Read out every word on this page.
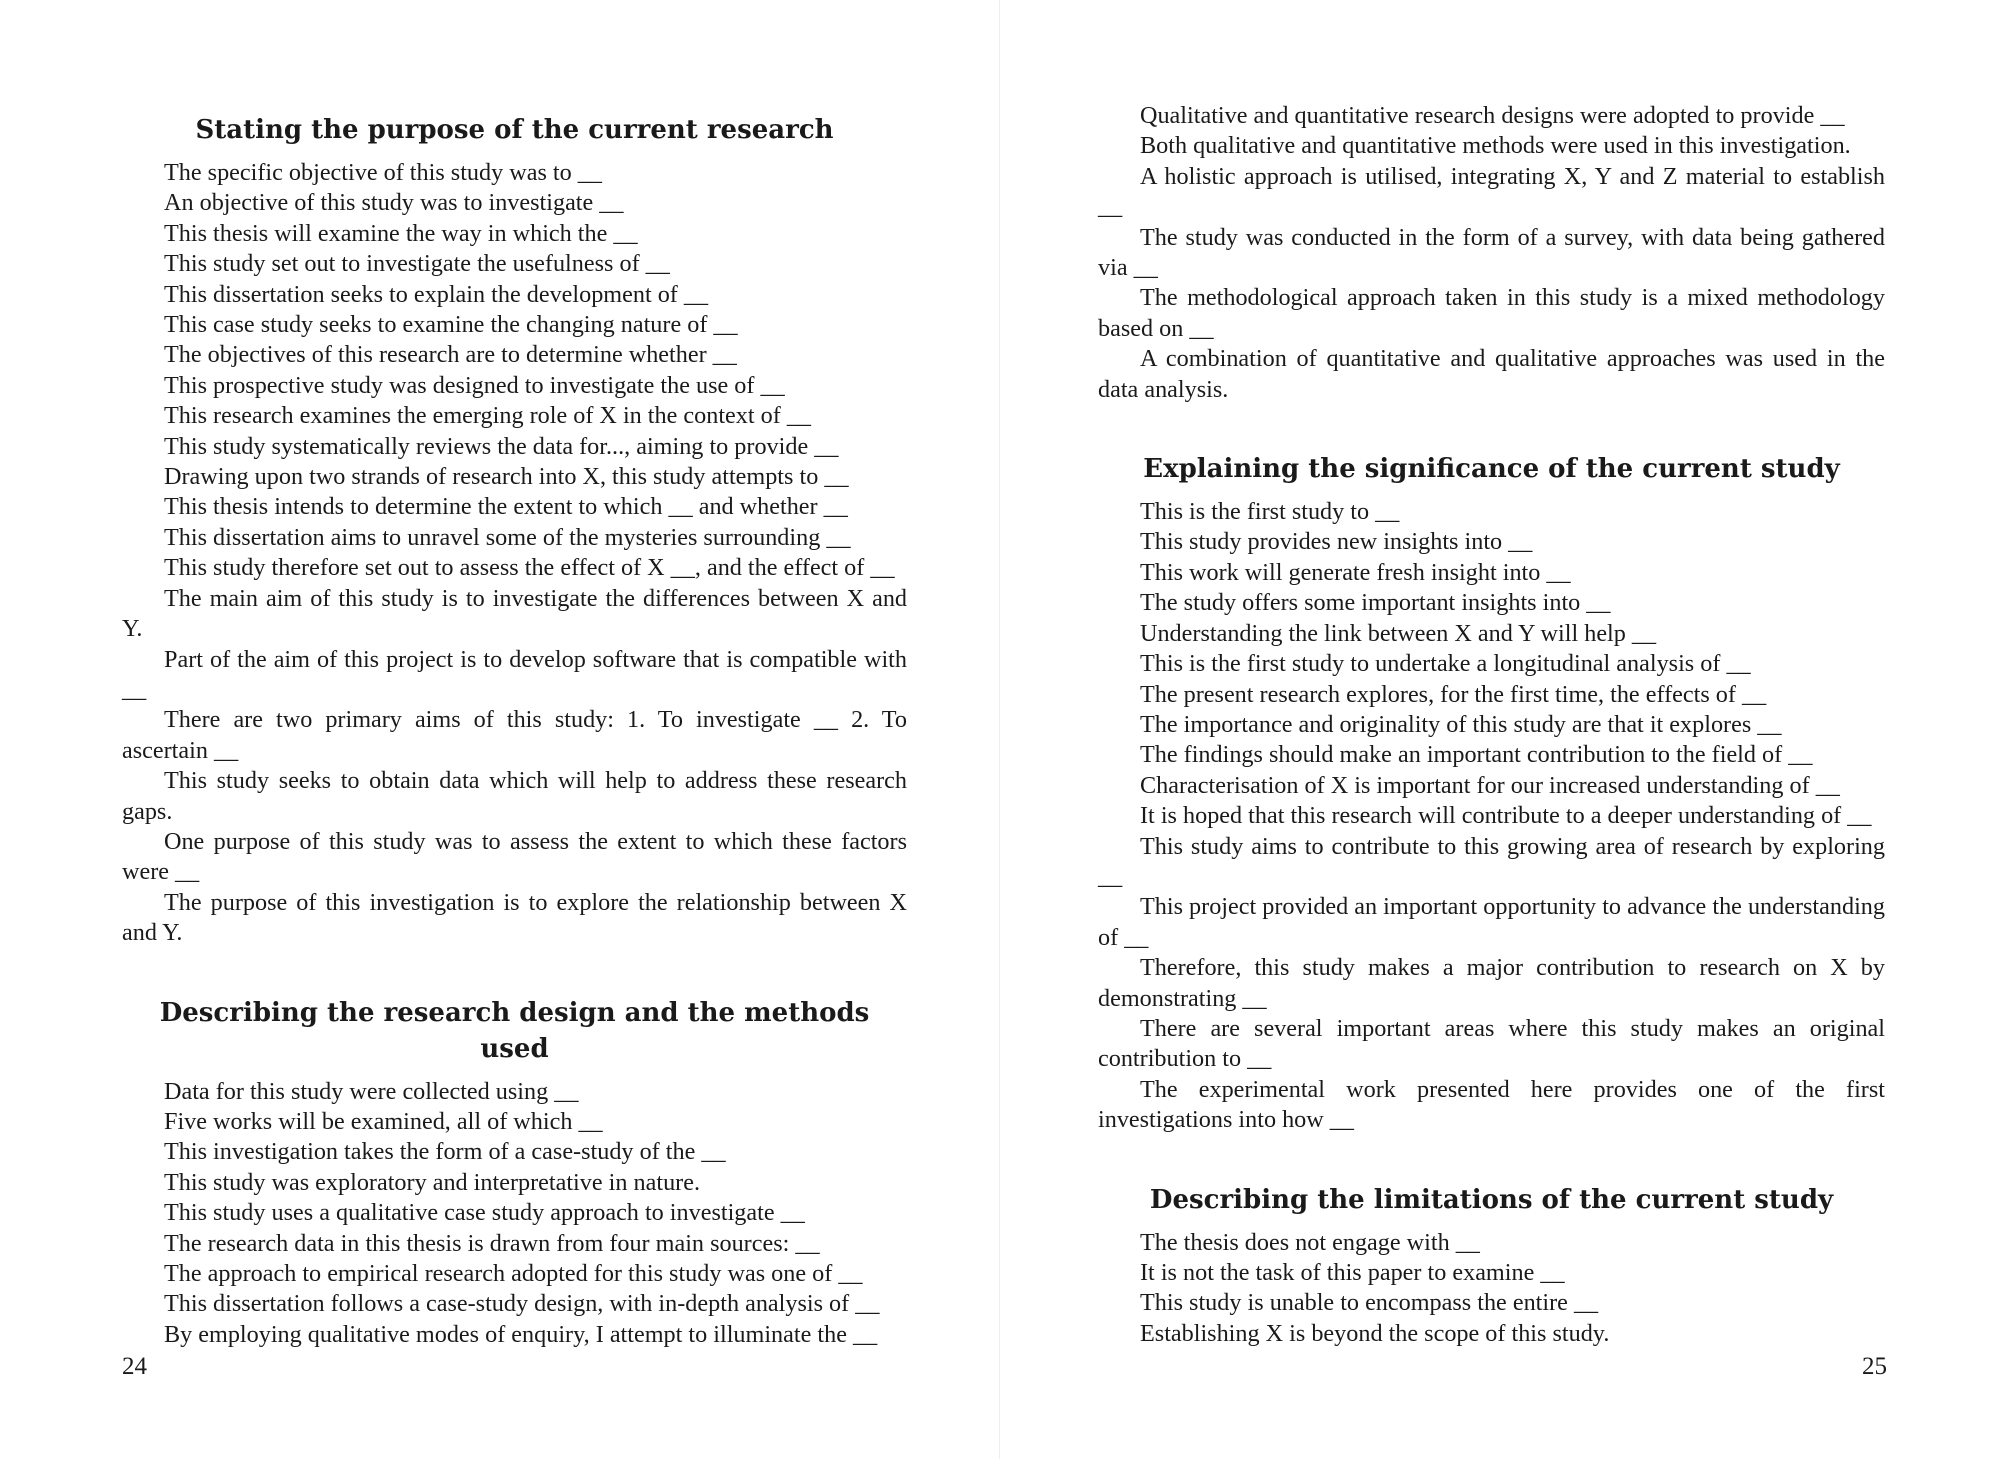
Stating the purpose of the current research

The specific objective of this study was to __

An objective of this study was to investigate __

This thesis will examine the way in which the __

This study set out to investigate the usefulness of __

This dissertation seeks to explain the development of __

This case study seeks to examine the changing nature of __

The objectives of this research are to determine whether __

This prospective study was designed to investigate the use of __

This research examines the emerging role of X in the context of __

This study systematically reviews the data for..., aiming to provide __

Drawing upon two strands of research into X, this study attempts to __

This thesis intends to determine the extent to which __ and whether __

This dissertation aims to unravel some of the mysteries surrounding __

This study therefore set out to assess the effect of X __, and the effect of __

The main aim of this study is to investigate the differences between X and Y.

Part of the aim of this project is to develop software that is compatible with __

There are two primary aims of this study: 1. To investigate __ 2. To ascertain __

This study seeks to obtain data which will help to address these research gaps.

One purpose of this study was to assess the extent to which these factors were __

The purpose of this investigation is to explore the relationship between X and Y.

Describing the research design and the methods used

Data for this study were collected using __

Five works will be examined, all of which __

This investigation takes the form of a case-study of the __

This study was exploratory and interpretative in nature.

This study uses a qualitative case study approach to investigate __

The research data in this thesis is drawn from four main sources: __

The approach to empirical research adopted for this study was one of __

This dissertation follows a case-study design, with in-depth analysis of __

By employing qualitative modes of enquiry, I attempt to illuminate the __

24

Qualitative and quantitative research designs were adopted to provide __

Both qualitative and quantitative methods were used in this investigation.

A holistic approach is utilised, integrating X, Y and Z material to establish __

The study was conducted in the form of a survey, with data being gathered via __

The methodological approach taken in this study is a mixed methodology based on __

A combination of quantitative and qualitative approaches was used in the data analysis.

Explaining the significance of the current study

This is the first study to __

This study provides new insights into __

This work will generate fresh insight into __

The study offers some important insights into __

Understanding the link between X and Y will help __

This is the first study to undertake a longitudinal analysis of __

The present research explores, for the first time, the effects of __

The importance and originality of this study are that it explores __

The findings should make an important contribution to the field of __

Characterisation of X is important for our increased understanding of __

It is hoped that this research will contribute to a deeper understanding of __

This study aims to contribute to this growing area of research by exploring __

This project provided an important opportunity to advance the understanding of __

Therefore, this study makes a major contribution to research on X by demonstrating __

There are several important areas where this study makes an original contribution to __

The experimental work presented here provides one of the first investigations into how __

Describing the limitations of the current study

The thesis does not engage with __

It is not the task of this paper to examine __

This study is unable to encompass the entire __

Establishing X is beyond the scope of this study.

25
